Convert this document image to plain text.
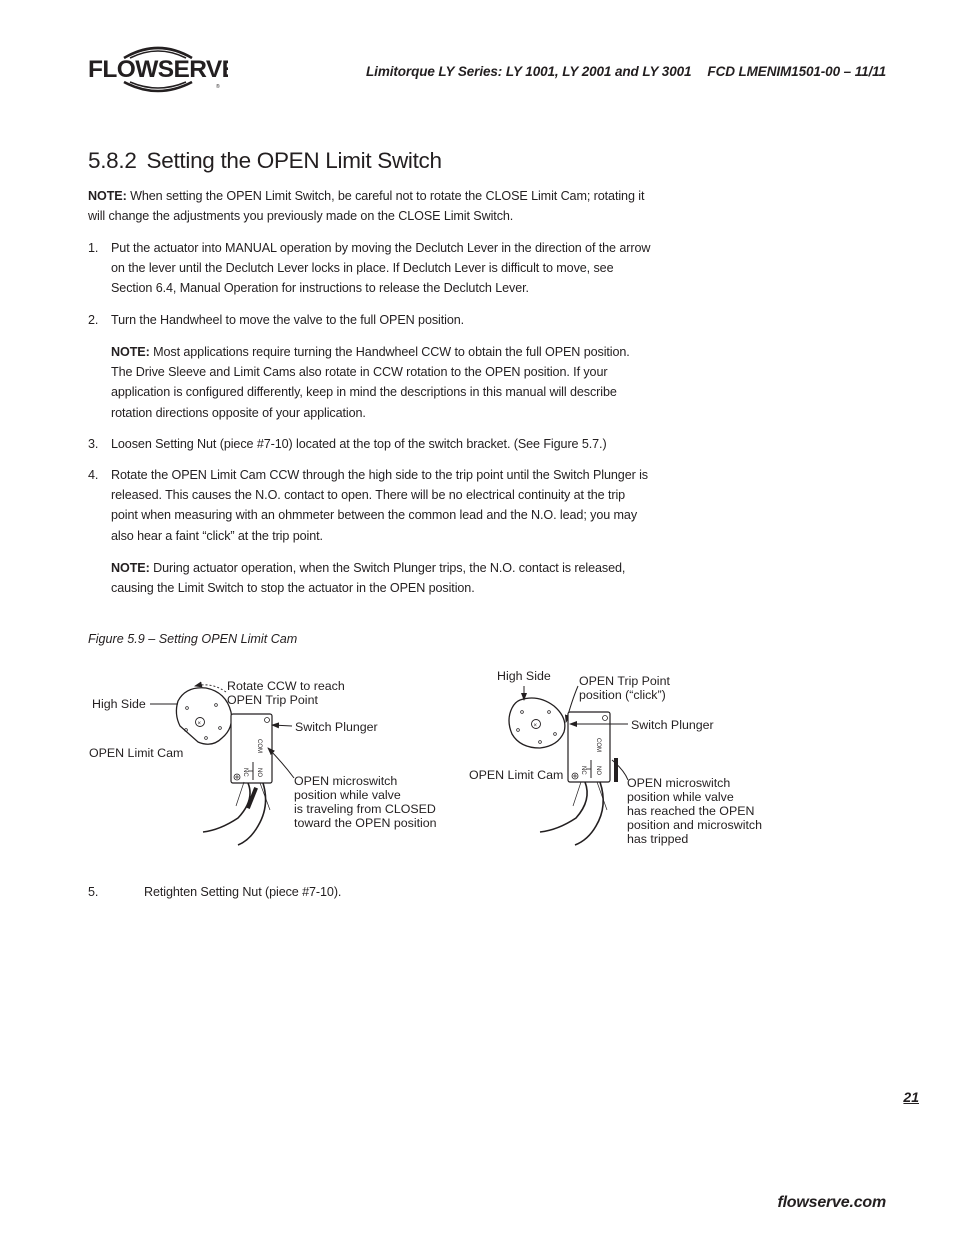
FLOWSERVE
®
Limitorque LY Series: LY 1001, LY 2001 and LY 3001 FCD LMENIM1501-00 – 11/11
5.8.2 Setting the OPEN Limit Switch
NOTE: When setting the OPEN Limit Switch, be careful not to rotate the CLOSE Limit Cam; rotating it will change the adjustments you previously made on the CLOSE Limit Switch.
1. Put the actuator into MANUAL operation by moving the Declutch Lever in the direction of the arrow on the lever until the Declutch Lever locks in place. If Declutch Lever is difficult to move, see Section 6.4, Manual Operation for instructions to release the Declutch Lever.
2. Turn the Handwheel to move the valve to the full OPEN position.
NOTE: Most applications require turning the Handwheel CCW to obtain the full OPEN position. The Drive Sleeve and Limit Cams also rotate in CCW rotation to the OPEN position. If your application is configured differently, keep in mind the descriptions in this manual will describe rotation directions opposite of your application.
3. Loosen Setting Nut (piece #7-10) located at the top of the switch bracket. (See Figure 5.7.)
4. Rotate the OPEN Limit Cam CCW through the high side to the trip point until the Switch Plunger is released. This causes the N.O. contact to open. There will be no electrical continuity at the trip point when measuring with an ohmmeter between the common lead and the N.O. lead; you may also hear a faint “click” at the trip point.
NOTE: During actuator operation, when the Switch Plunger trips, the N.O. contact is released, causing the Limit Switch to stop the actuator in the OPEN position.
Figure 5.9 – Setting OPEN Limit Cam
×
COM
NC NO
High Side
Rotate CCW to reach
OPEN Trip Point
Switch Plunger
OPEN Limit Cam
OPEN microswitch
position while valve
is traveling from CLOSED
toward the OPEN position
×
COM
NC NO
High Side OPEN Trip Point
position (“click”)
Switch Plunger
OPEN Limit Cam
OPEN microswitch
position while valve
has reached the OPEN
position and microswitch
has tripped
5.	Retighten Setting Nut (piece #7-10).
21
flowserve.com
